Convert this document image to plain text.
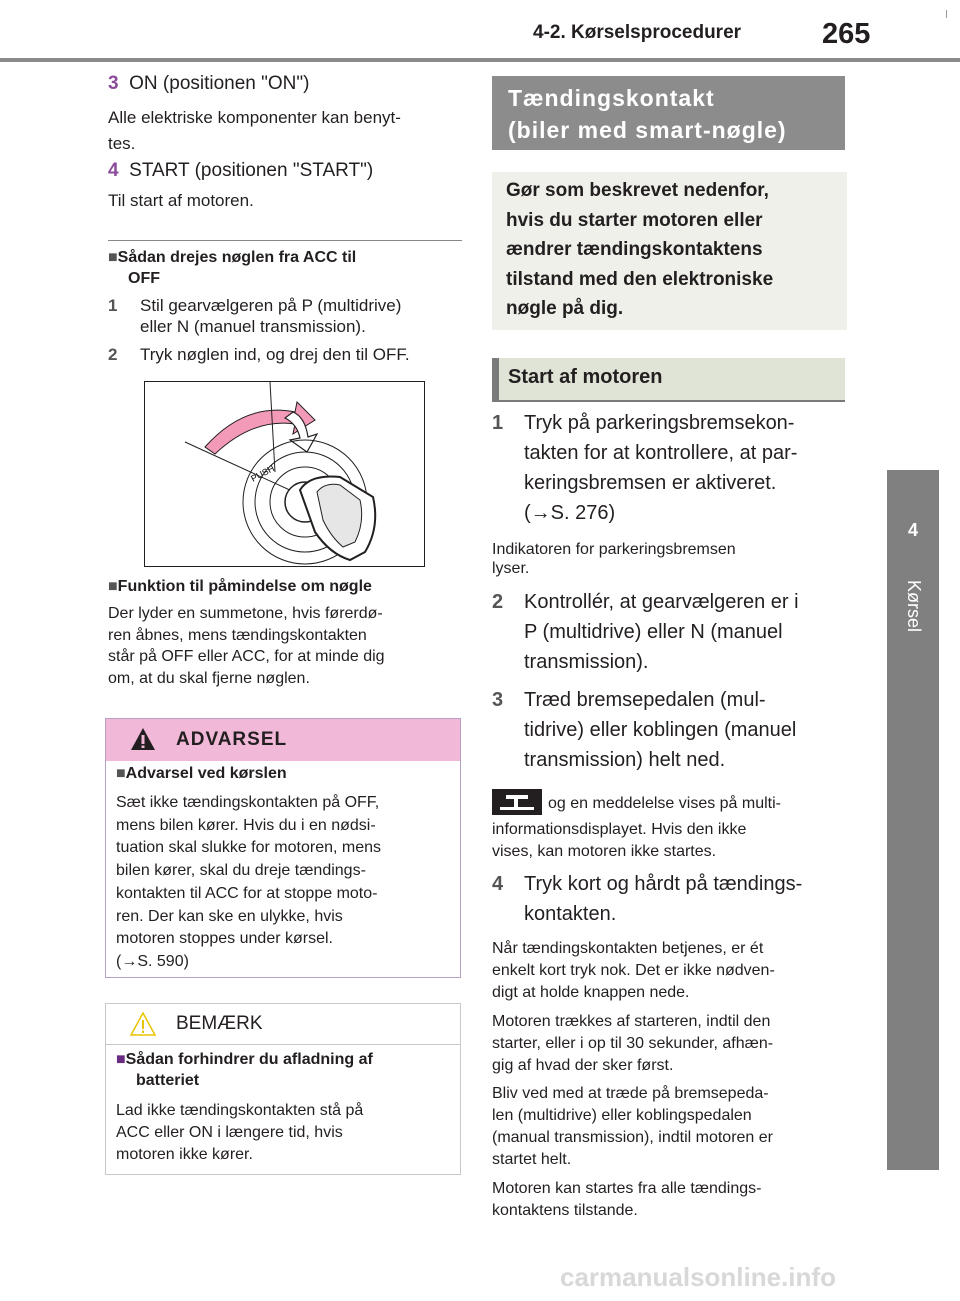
4-2. Kørselsprocedurer	265
4
Kørsel
3 ON (positionen "ON")
Alle elektriske komponenter kan benyt-
tes.
4 START (positionen "START")
Til start af motoren.
■Sådan drejes nøglen fra ACC til
OFF
1 Stil gearvælgeren på P (multidrive)
eller N (manuel transmission).
2 Tryk nøglen ind, og drej den til OFF.
PUSH
■Funktion til påmindelse om nøgle
Der lyder en summetone, hvis førerdø-
ren åbnes, mens tændingskontakten
står på OFF eller ACC, for at minde dig
om, at du skal fjerne nøglen.
ADVARSEL
■Advarsel ved kørslen
Sæt ikke tændingskontakten på OFF,
mens bilen kører. Hvis du i en nødsi-
tuation skal slukke for motoren, mens
bilen kører, skal du dreje tændings-
kontakten til ACC for at stoppe moto-
ren. Der kan ske en ulykke, hvis
motoren stoppes under kørsel.
(→S. 590)
BEMÆRK
■Sådan forhindrer du afladning af
batteriet
Lad ikke tændingskontakten stå på
ACC eller ON i længere tid, hvis
motoren ikke kører.
Tændingskontakt
(biler med smart-nøgle)
Gør som beskrevet nedenfor,
hvis du starter motoren eller
ændrer tændingskontaktens
tilstand med den elektroniske
nøgle på dig.
Start af motoren
1 Tryk på parkeringsbremsekon-
takten for at kontrollere, at par-
keringsbremsen er aktiveret.
(→S. 276)
Indikatoren for parkeringsbremsen
lyser.
2 Kontrollér, at gearvælgeren er i
P (multidrive) eller N (manuel
transmission).
3 Træd bremsepedalen (mul-
tidrive) eller koblingen (manuel
transmission) helt ned.
og en meddelelse vises på multi-
informationsdisplayet. Hvis den ikke
vises, kan motoren ikke startes.
4 Tryk kort og hårdt på tændings-
kontakten.
Når tændingskontakten betjenes, er ét
enkelt kort tryk nok. Det er ikke nødven-
digt at holde knappen nede.
Motoren trækkes af starteren, indtil den
starter, eller i op til 30 sekunder, afhæn-
gig af hvad der sker først.
Bliv ved med at træde på bremsepeda-
len (multidrive) eller koblingspedalen
(manual transmission), indtil motoren er
startet helt.
Motoren kan startes fra alle tændings-
kontaktens tilstande.
carmanualsonline.info
